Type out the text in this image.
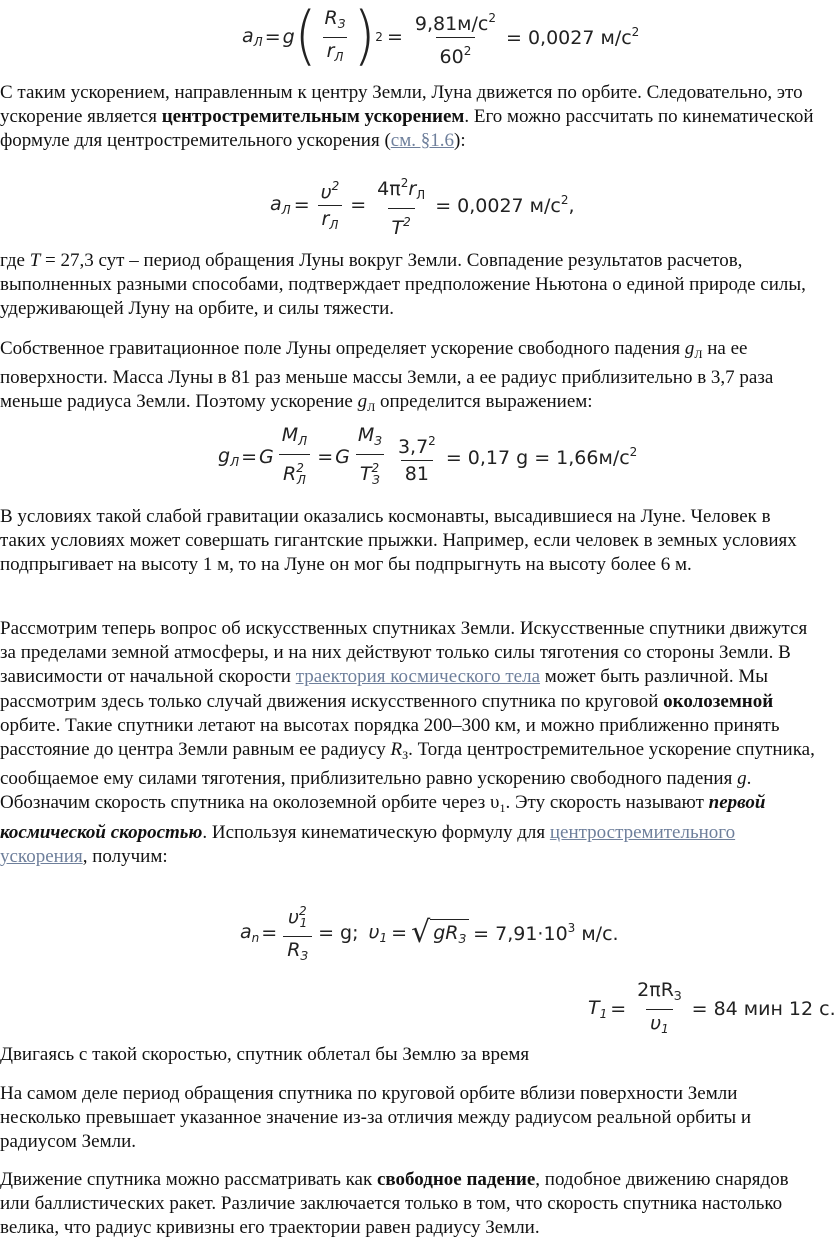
$a_Л = g$ ( $\frac{R_З}{r_Л}$ ) $2 = \frac{9,81м/с^2}{60^2} = 0,0027$ $м/с^2$

С таким ускорением, направленным к центру Земли, Луна движется по орбите. Следовательно, это ускорение является центростремительным ускорением. Его можно рассчитать по кинематической формуле для центростремительного ускорения (см. §1.6):

$a_Л = \frac{\upsilon^2}{r_Л} = \frac{4\pi^2r_Л}{T^2} = 0,0027$ $м/с^2$,

где T = 27,3 сут – период обращения Луны вокруг Земли. Совпадение результатов расчетов, выполненных разными способами, подтверждает предположение Ньютона о единой природе силы, удерживающей Луну на орбите, и силы тяжести.

Собственное гравитационное поле Луны определяет ускорение свободного падения $g_Л$ на ее поверхности. Масса Луны в 81 раз меньше массы Земли, а ее радиус приблизительно в 3,7 раза меньше радиуса Земли. Поэтому ускорение $g_Л$ определится выражением:

$g_Л = G \frac{M_Л}{R^2_Л} = G \frac{M_З}{T^2_З} \frac{3,7^2}{81} = 0,17$ $g = 1,66м/с^2$

В условиях такой слабой гравитации оказались космонавты, высадившиеся на Луне. Человек в таких условиях может совершать гигантские прыжки. Например, если человек в земных условиях подпрыгивает на высоту 1 м, то на Луне он мог бы подпрыгнуть на высоту более 6 м.

Рассмотрим теперь вопрос об искусственных спутниках Земли. Искусственные спутники движутся за пределами земной атмосферы, и на них действуют только силы тяготения со стороны Земли. В зависимости от начальной скорости траектория космического тела может быть различной. Мы рассмотрим здесь только случай движения искусственного спутника по круговой околоземной орбите. Такие спутники летают на высотах порядка 200–300 км, и можно приближенно принять расстояние до центра Земли равным ее радиусу $R_З$. Тогда центростремительное ускорение спутника, сообщаемое ему силами тяготения, приблизительно равно ускорению свободного падения g. Обозначим скорость спутника на околоземной орбите через $\upsilon_1$. Эту скорость называют первой космической скоростью. Используя кинематическую формулу для центростремительного ускорения, получим:

$a_n = \frac{\upsilon^2_1}{R_З} = g$; $\upsilon_1$ = √ $gR_З = 7,91\cdot 10^3$ м/с.
$T_1 = \frac{2\pi R_З}{\upsilon_1} = 84$ мин 12 с.

Двигаясь с такой скоростью, спутник облетал бы Землю за время

На самом деле период обращения спутника по круговой орбите вблизи поверхности Земли несколько превышает указанное значение из-за отличия между радиусом реальной орбиты и радиусом Земли.

Движение спутника можно рассматривать как свободное падение, подобное движению снарядов или баллистических ракет. Различие заключается только в том, что скорость спутника настолько велика, что радиус кривизны его траектории равен радиусу Земли.
